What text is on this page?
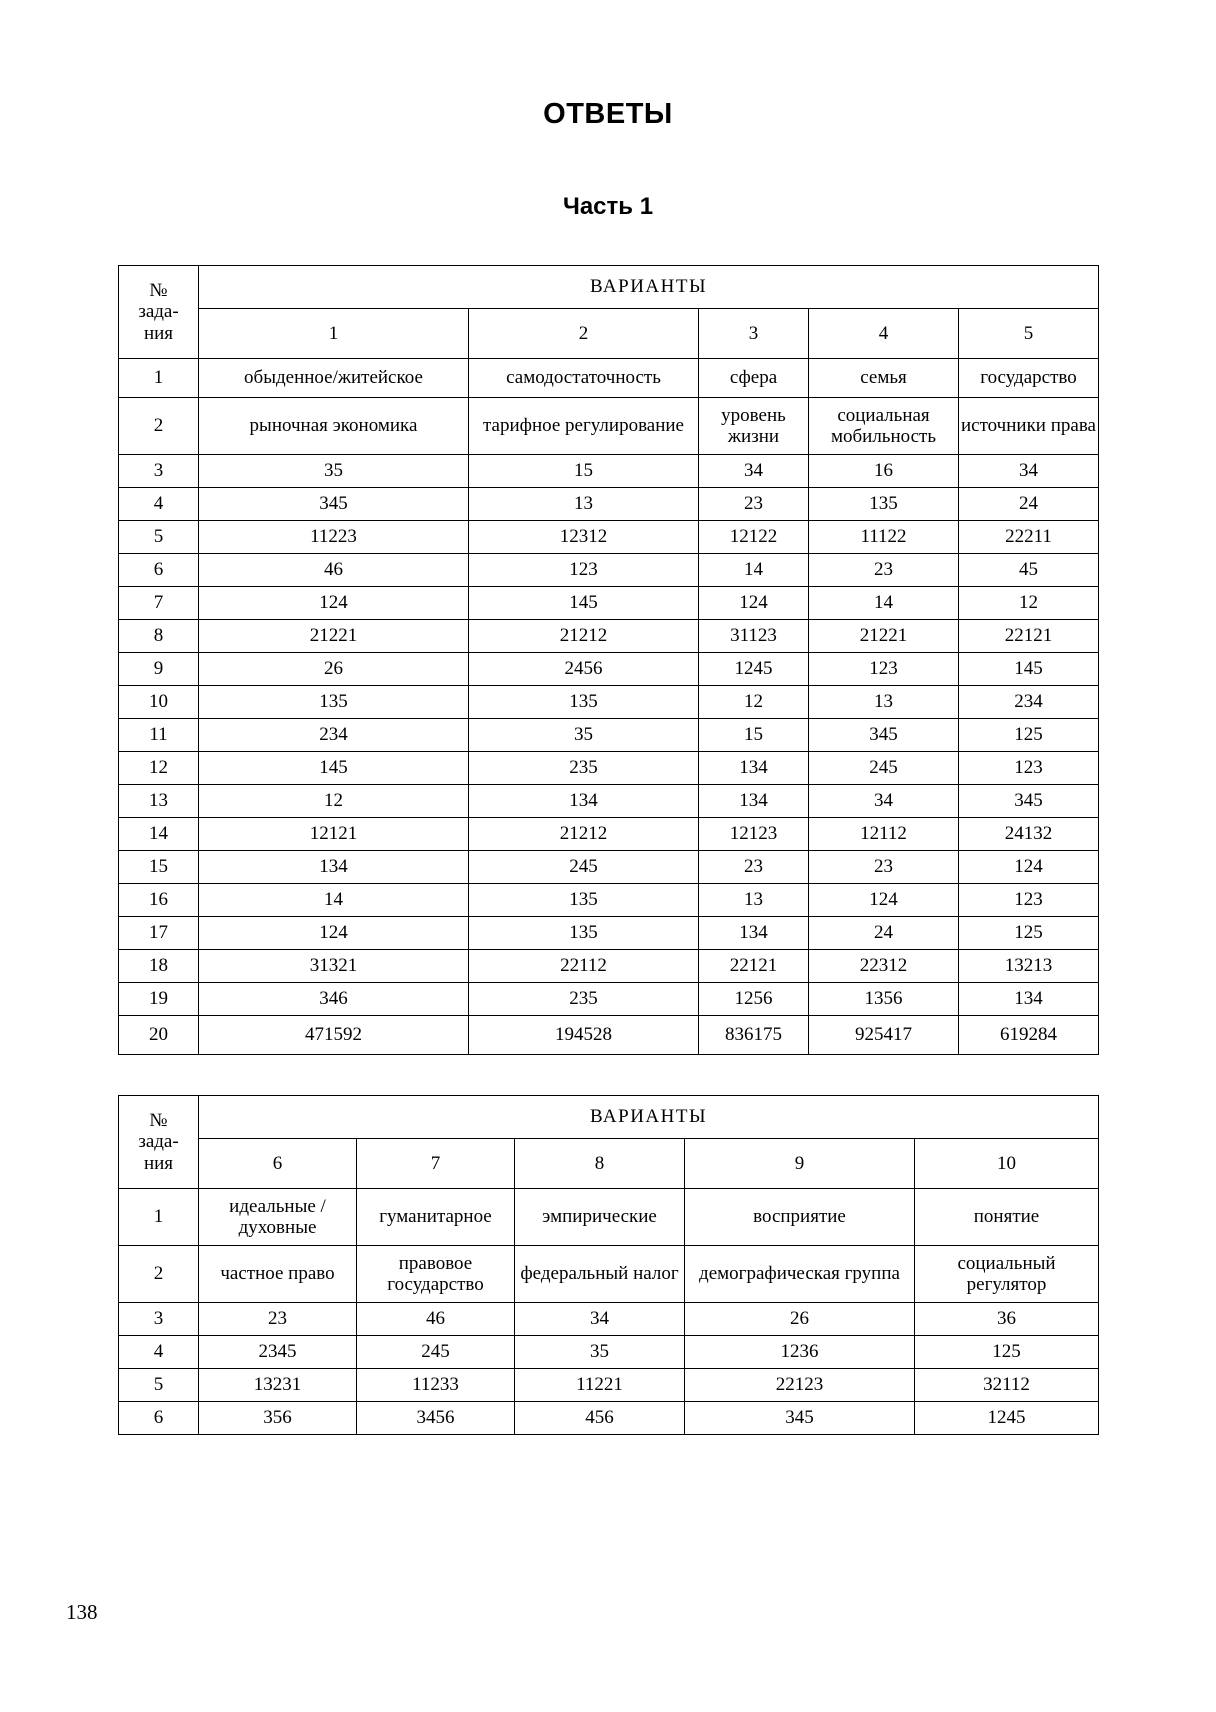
ОТВЕТЫ
Часть 1
№
зада-
ния	ВАРИАНТЫ				
	1	2	3	4	5
1	обыденное/житейское	самодостаточность	сфера	семья	государство
2	рыночная экономика	тарифное регулирование	уровень жизни	социальная мобильность	источники права
3	35	15	34	16	34
4	345	13	23	135	24
5	11223	12312	12122	11122	22211
6	46	123	14	23	45
7	124	145	124	14	12
8	21221	21212	31123	21221	22121
9	26	2456	1245	123	145
10	135	135	12	13	234
11	234	35	15	345	125
12	145	235	134	245	123
13	12	134	134	34	345
14	12121	21212	12123	12112	24132
15	134	245	23	23	124
16	14	135	13	124	123
17	124	135	134	24	125
18	31321	22112	22121	22312	13213
19	346	235	1256	1356	134
20	471592	194528	836175	925417	619284
№
зада-
ния	ВАРИАНТЫ				
	6	7	8	9	10
1	идеальные / духовные	гуманитарное	эмпирические	восприятие	понятие
2	частное право	правовое государство	федеральный налог	демографическая группа	социальный регулятор
3	23	46	34	26	36
4	2345	245	35	1236	125
5	13231	11233	11221	22123	32112
6	356	3456	456	345	1245
138
